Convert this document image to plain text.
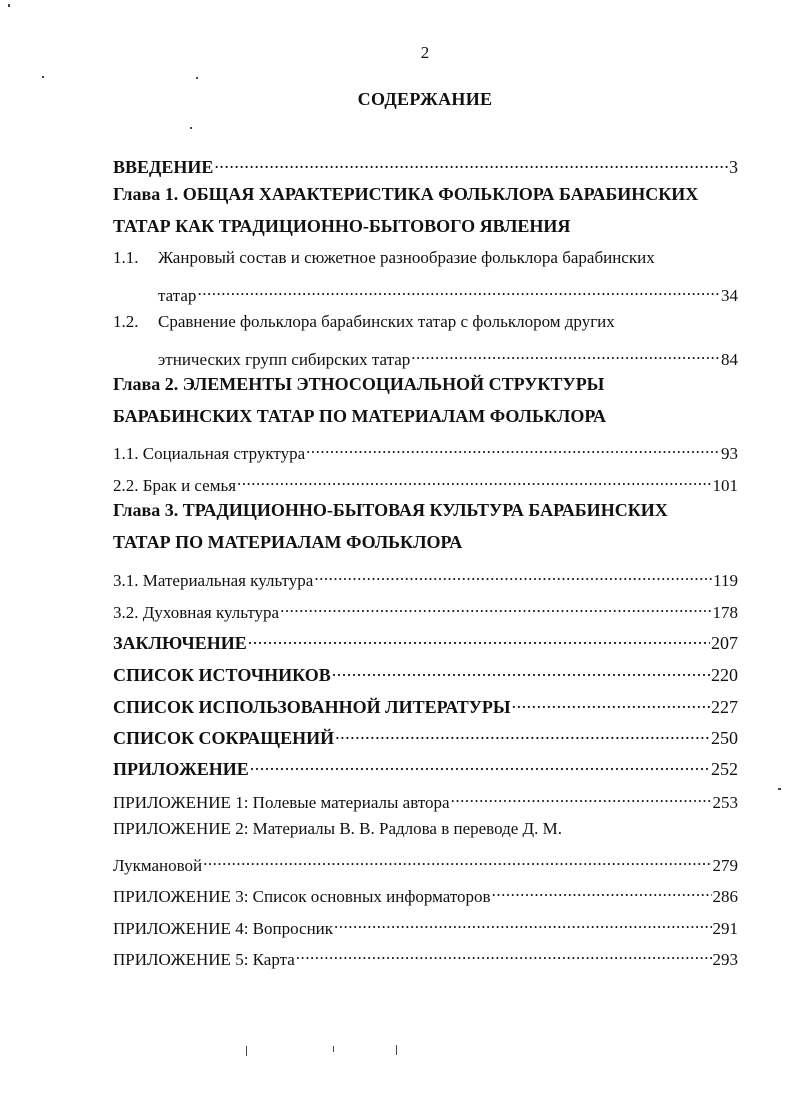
2
СОДЕРЖАНИЕ
ВВЕДЕНИЕ .....	3
Глава 1. ОБЩАЯ ХАРАКТЕРИСТИКА ФОЛЬКЛОРА БАРАБИНСКИХ
ТАТАР КАК ТРАДИЦИОННО-БЫТОВОГО ЯВЛЕНИЯ
1.1. Жанровый состав и сюжетное разнообразие фольклора барабинских
татар .....	34
1.2. Сравнение фольклора барабинских татар с фольклором других
этнических групп сибирских татар .....	84
Глава 2. ЭЛЕМЕНТЫ ЭТНОСОЦИАЛЬНОЙ СТРУКТУРЫ
БАРАБИНСКИХ ТАТАР ПО МАТЕРИАЛАМ ФОЛЬКЛОРА
1.1. Социальная структура .....	93
2.2. Брак и семья .....	101
Глава 3. ТРАДИЦИОННО-БЫТОВАЯ КУЛЬТУРА БАРАБИНСКИХ
ТАТАР ПО МАТЕРИАЛАМ ФОЛЬКЛОРА
3.1. Материальная культура .....	119
3.2. Духовная культура .....	178
ЗАКЛЮЧЕНИЕ .....	207
СПИСОК ИСТОЧНИКОВ .....	220
СПИСОК ИСПОЛЬЗОВАННОЙ ЛИТЕРАТУРЫ .....	227
СПИСОК СОКРАЩЕНИЙ .....	250
ПРИЛОЖЕНИЕ .....	252
ПРИЛОЖЕНИЕ 1: Полевые материалы автора .....	253
ПРИЛОЖЕНИЕ 2: Материалы В. В. Радлова в переводе Д. М.
Лукмановой .....	279
ПРИЛОЖЕНИЕ 3: Список основных информаторов .....	286
ПРИЛОЖЕНИЕ 4: Вопросник .....	291
ПРИЛОЖЕНИЕ 5: Карта .....	293
